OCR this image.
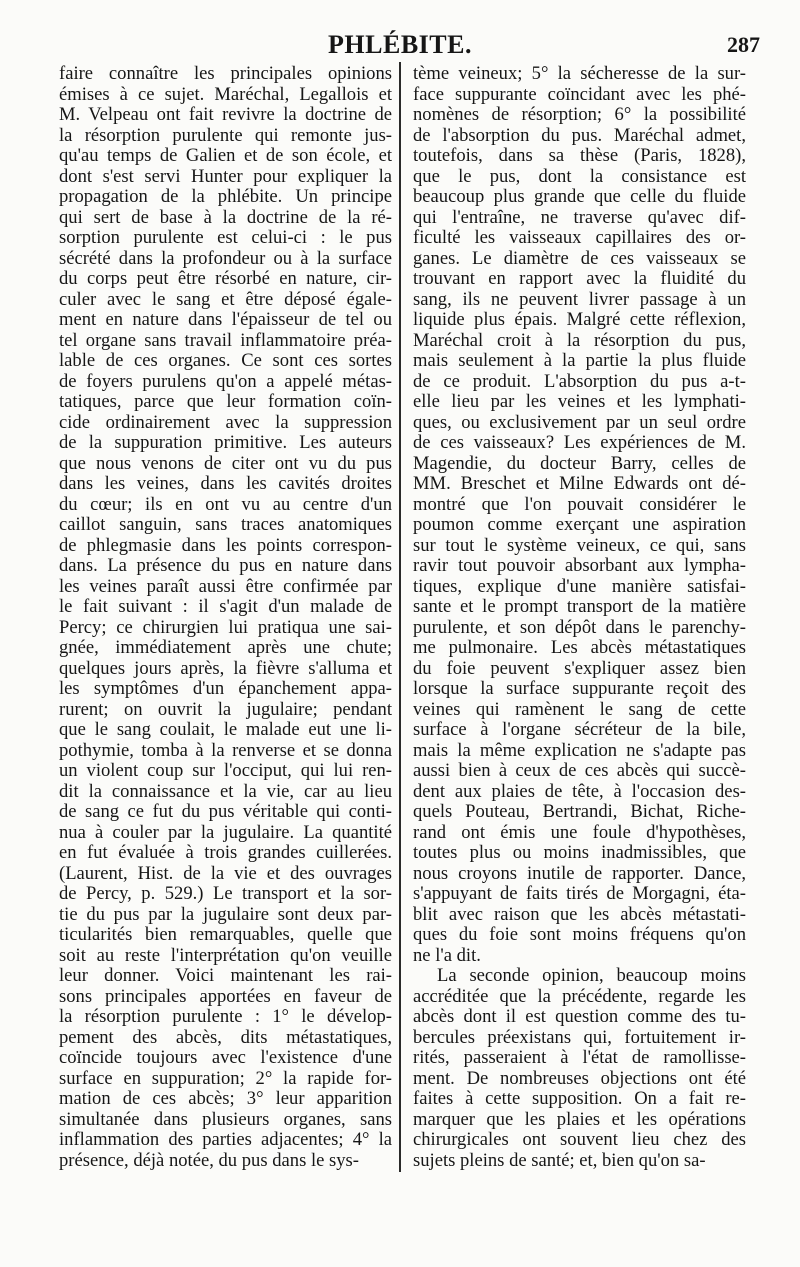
PHLÉBITE.	287
faire connaître les principales opinions
émises à ce sujet. Maréchal, Legallois et
M. Velpeau ont fait revivre la doctrine de
la résorption purulente qui remonte jus-
qu'au temps de Galien et de son école, et
dont s'est servi Hunter pour expliquer la
propagation de la phlébite. Un principe
qui sert de base à la doctrine de la ré-
sorption purulente est celui-ci : le pus
sécrété dans la profondeur ou à la surface
du corps peut être résorbé en nature, cir-
culer avec le sang et être déposé égale-
ment en nature dans l'épaisseur de tel ou
tel organe sans travail inflammatoire préa-
lable de ces organes. Ce sont ces sortes
de foyers purulens qu'on a appelé métas-
tatiques, parce que leur formation coïn-
cide ordinairement avec la suppression
de la suppuration primitive. Les auteurs
que nous venons de citer ont vu du pus
dans les veines, dans les cavités droites
du cœur; ils en ont vu au centre d'un
caillot sanguin, sans traces anatomiques
de phlegmasie dans les points correspon-
dans. La présence du pus en nature dans
les veines paraît aussi être confirmée par
le fait suivant : il s'agit d'un malade de
Percy; ce chirurgien lui pratiqua une sai-
gnée, immédiatement après une chute;
quelques jours après, la fièvre s'alluma et
les symptômes d'un épanchement appa-
rurent; on ouvrit la jugulaire; pendant
que le sang coulait, le malade eut une li-
pothymie, tomba à la renverse et se donna
un violent coup sur l'occiput, qui lui ren-
dit la connaissance et la vie, car au lieu
de sang ce fut du pus véritable qui conti-
nua à couler par la jugulaire. La quantité
en fut évaluée à trois grandes cuillerées.
(Laurent, Hist. de la vie et des ouvrages
de Percy, p. 529.) Le transport et la sor-
tie du pus par la jugulaire sont deux par-
ticularités bien remarquables, quelle que
soit au reste l'interprétation qu'on veuille
leur donner. Voici maintenant les rai-
sons principales apportées en faveur de
la résorption purulente : 1° le dévelop-
pement des abcès, dits métastatiques,
coïncide toujours avec l'existence d'une
surface en suppuration; 2° la rapide for-
mation de ces abcès; 3° leur apparition
simultanée dans plusieurs organes, sans
inflammation des parties adjacentes; 4° la
présence, déjà notée, du pus dans le sys-
tème veineux; 5° la sécheresse de la sur-
face suppurante coïncidant avec les phé-
nomènes de résorption; 6° la possibilité
de l'absorption du pus. Maréchal admet,
toutefois, dans sa thèse (Paris, 1828),
que le pus, dont la consistance est
beaucoup plus grande que celle du fluide
qui l'entraîne, ne traverse qu'avec dif-
ficulté les vaisseaux capillaires des or-
ganes. Le diamètre de ces vaisseaux se
trouvant en rapport avec la fluidité du
sang, ils ne peuvent livrer passage à un
liquide plus épais. Malgré cette réflexion,
Maréchal croit à la résorption du pus,
mais seulement à la partie la plus fluide
de ce produit. L'absorption du pus a-t-
elle lieu par les veines et les lymphati-
ques, ou exclusivement par un seul ordre
de ces vaisseaux? Les expériences de M.
Magendie, du docteur Barry, celles de
MM. Breschet et Milne Edwards ont dé-
montré que l'on pouvait considérer le
poumon comme exerçant une aspiration
sur tout le système veineux, ce qui, sans
ravir tout pouvoir absorbant aux lympha-
tiques, explique d'une manière satisfai-
sante et le prompt transport de la matière
purulente, et son dépôt dans le parenchy-
me pulmonaire. Les abcès métastatiques
du foie peuvent s'expliquer assez bien
lorsque la surface suppurante reçoit des
veines qui ramènent le sang de cette
surface à l'organe sécréteur de la bile,
mais la même explication ne s'adapte pas
aussi bien à ceux de ces abcès qui succè-
dent aux plaies de tête, à l'occasion des-
quels Pouteau, Bertrandi, Bichat, Riche-
rand ont émis une foule d'hypothèses,
toutes plus ou moins inadmissibles, que
nous croyons inutile de rapporter. Dance,
s'appuyant de faits tirés de Morgagni, éta-
blit avec raison que les abcès métastati-
ques du foie sont moins fréquens qu'on
ne l'a dit.
La seconde opinion, beaucoup moins
accréditée que la précédente, regarde les
abcès dont il est question comme des tu-
bercules préexistans qui, fortuitement ir-
rités, passeraient à l'état de ramollisse-
ment. De nombreuses objections ont été
faites à cette supposition. On a fait re-
marquer que les plaies et les opérations
chirurgicales ont souvent lieu chez des
sujets pleins de santé; et, bien qu'on sa-
